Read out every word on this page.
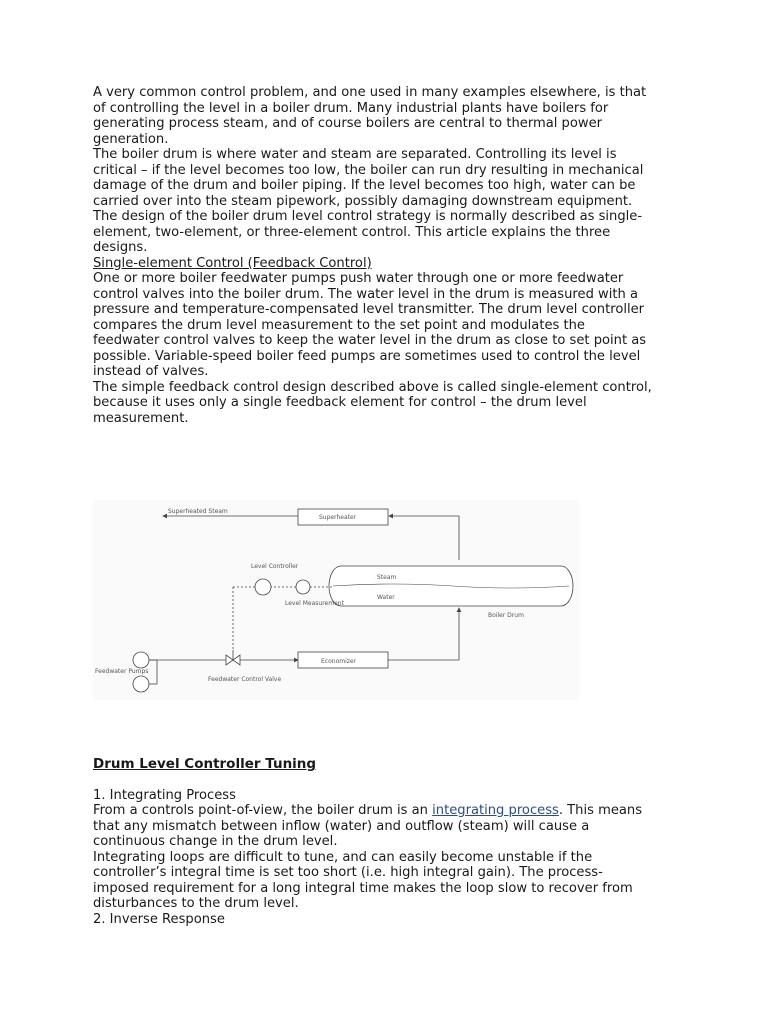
A very common control problem, and one used in many examples elsewhere, is that of controlling the level in a boiler drum. Many industrial plants have boilers for generating process steam, and of course boilers are central to thermal power generation.

The boiler drum is where water and steam are separated. Controlling its level is critical – if the level becomes too low, the boiler can run dry resulting in mechanical damage of the drum and boiler piping. If the level becomes too high, water can be carried over into the steam pipework, possibly damaging downstream equipment.

The design of the boiler drum level control strategy is normally described as single-element, two-element, or three-element control. This article explains the three designs.

Single-element Control (Feedback Control)

One or more boiler feedwater pumps push water through one or more feedwater control valves into the boiler drum. The water level in the drum is measured with a pressure and temperature-compensated level transmitter. The drum level controller compares the drum level measurement to the set point and modulates the feedwater control valves to keep the water level in the drum as close to set point as possible. Variable-speed boiler feed pumps are sometimes used to control the level instead of valves.

The simple feedback control design described above is called single-element control, because it uses only a single feedback element for control – the drum level measurement.

Superheated Steam
Superheater
Steam
Water
Boiler Drum
Level Controller
Level Measurement
Feedwater Pumps
Feedwater Control Valve
Economizer

Drum Level Controller Tuning

1. Integrating Process

From a controls point-of-view, the boiler drum is an integrating process. This means that any mismatch between inflow (water) and outflow (steam) will cause a continuous change in the drum level.

Integrating loops are difficult to tune, and can easily become unstable if the controller’s integral time is set too short (i.e. high integral gain). The process-imposed requirement for a long integral time makes the loop slow to recover from disturbances to the drum level.

2. Inverse Response
